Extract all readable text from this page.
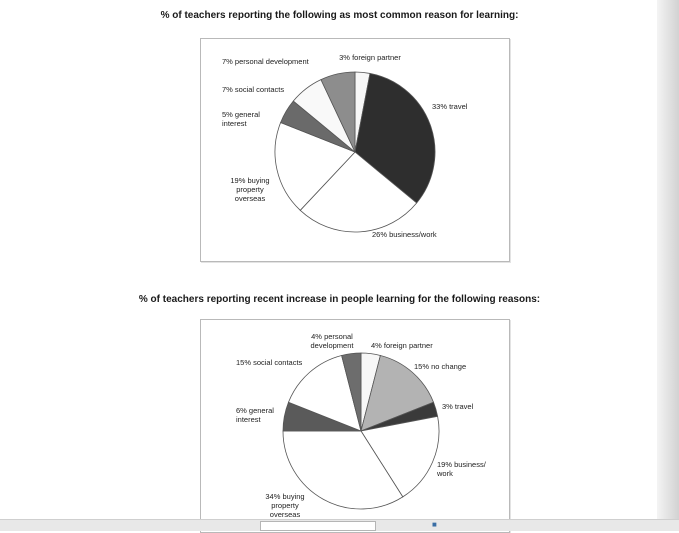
% of teachers reporting the following as most common reason for learning:
3% foreign partner
33% travel
26% business/work
19% buying property overseas
5% general interest
7% social contacts
7% personal development
% of teachers reporting recent increase in people learning for the following reasons:
4% foreign partner
15% no change
3% travel
19% business/ work
34% buying property overseas
6% general interest
15% social contacts
4% personal development
■
